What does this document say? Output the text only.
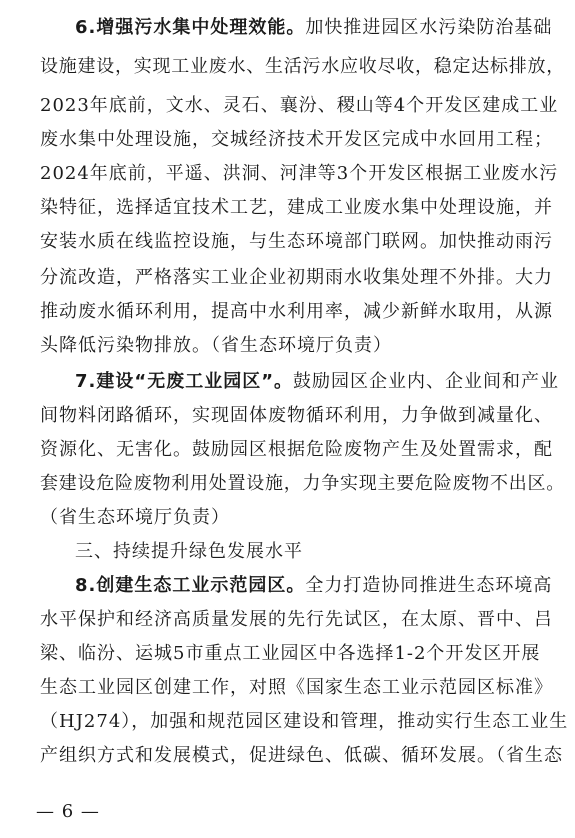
6.增强污水集中处理效能。加快推进园区水污染防治基础
设施建设，实现工业废水、生活污水应收尽收，稳定达标排放，
2023年底前，文水、灵石、襄汾、稷山等4个开发区建成工业
废水集中处理设施，交城经济技术开发区完成中水回用工程；
2024年底前，平遥、洪洞、河津等3个开发区根据工业废水污
染特征，选择适宜技术工艺，建成工业废水集中处理设施，并
安装水质在线监控设施，与生态环境部门联网。加快推动雨污
分流改造，严格落实工业企业初期雨水收集处理不外排。大力
推动废水循环利用，提高中水利用率，减少新鲜水取用，从源
头降低污染物排放。（省生态环境厅负责）
7.建设“无废工业园区”。鼓励园区企业内、企业间和产业
间物料闭路循环，实现固体废物循环利用，力争做到减量化、
资源化、无害化。鼓励园区根据危险废物产生及处置需求，配
套建设危险废物利用处置设施，力争实现主要危险废物不出区。
（省生态环境厅负责）
三、持续提升绿色发展水平
8.创建生态工业示范园区。全力打造协同推进生态环境高
水平保护和经济高质量发展的先行先试区，在太原、晋中、吕
梁、临汾、运城5市重点工业园区中各选择1-2个开发区开展
生态工业园区创建工作，对照《国家生态工业示范园区标准》
（HJ274），加强和规范园区建设和管理，推动实行生态工业生
产组织方式和发展模式，促进绿色、低碳、循环发展。（省生态
— 6 —
